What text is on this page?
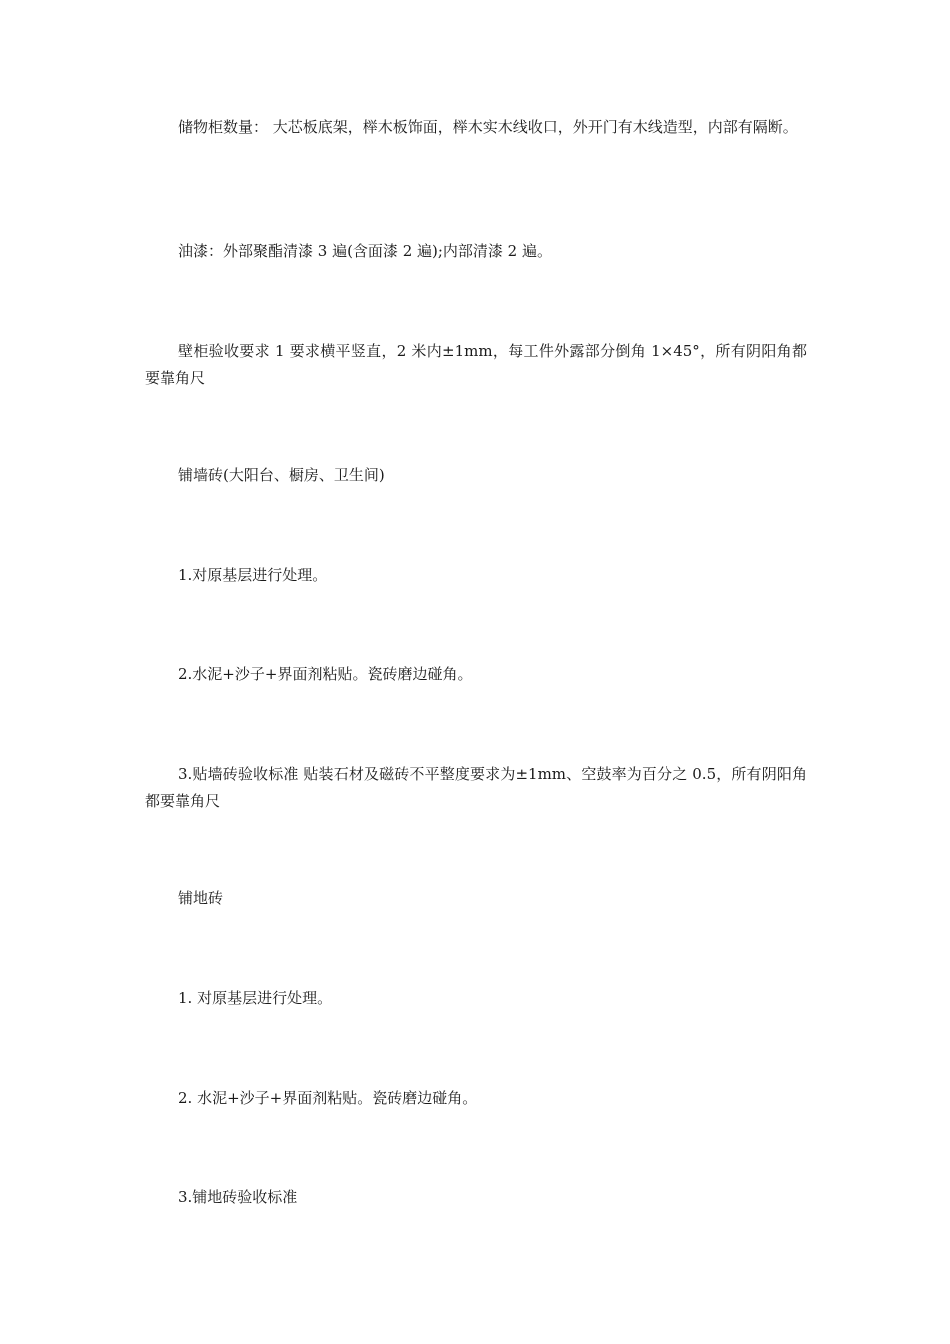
储物柜数量： 大芯板底架，榉木板饰面，榉木实木线收口，外开门有木线造型，内部有隔断。

油漆：外部聚酯清漆 3 遍(含面漆 2 遍);内部清漆 2 遍。

壁柜验收要求 1 要求横平竖直，2 米内±1mm，每工件外露部分倒角 1×45°，所有阴阳角都要靠角尺

铺墙砖(大阳台、橱房、卫生间)

1.对原基层进行处理。

2.水泥+沙子+界面剂粘贴。瓷砖磨边碰角。

3.贴墙砖验收标准 贴装石材及磁砖不平整度要求为±1mm、空鼓率为百分之 0.5，所有阴阳角都要靠角尺

铺地砖

1. 对原基层进行处理。

2. 水泥+沙子+界面剂粘贴。瓷砖磨边碰角。

3.铺地砖验收标准
